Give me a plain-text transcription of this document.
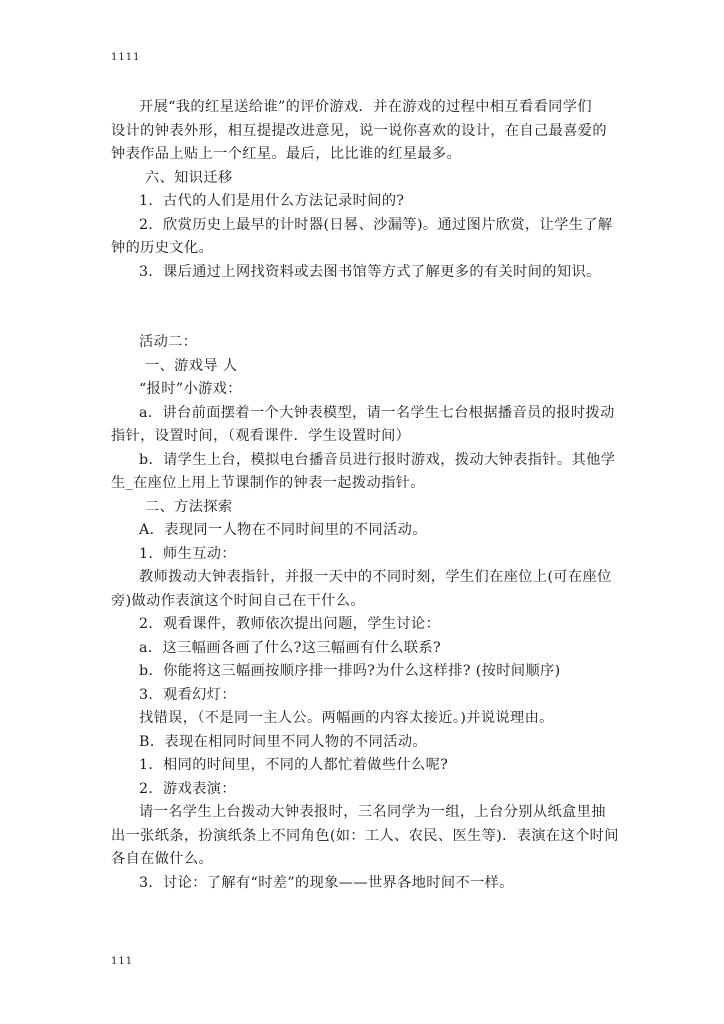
1111
开展“我的红星送给谁”的评价游戏．并在游戏的过程中相互看看同学们
设计的钟表外形，相互提提改进意见，说一说你喜欢的设计，在自己最喜爱的
钟表作品上贴上一个红星。最后，比比谁的红星最多。
六、知识迁移
1．古代的人们是用什么方法记录时间的?
2．欣赏历史上最早的计时器(日晷、沙漏等)。通过图片欣赏，让学生了解
钟的历史文化。
3．课后通过上网找资料或去图书馆等方式了解更多的有关时间的知识。
活动二：
一、游戏导 人
“报时”小游戏：
a．讲台前面摆着一个大钟表模型，请一名学生七台根据播音员的报时拨动
指针，设置时间，（观看课件．学生设置时间）
b．请学生上台，模拟电台播音员进行报时游戏，拨动大钟表指针。其他学
生_在座位上用上节课制作的钟表一起拨动指针。
二、方法探索
A．表现同一人物在不同时间里的不同活动。
1．师生互动：
教师拨动大钟表指针，并报一天中的不同时刻，学生们在座位上(可在座位
旁)做动作表演这个时间自己在干什么。
2．观看课件，教师依次提出问题，学生讨论：
a．这三幅画各画了什么?这三幅画有什么联系?
b．你能将这三幅画按顺序排一排吗?为什么这样排? (按时间顺序)
3．观看幻灯：
找错误，（不是同一主人公。两幅画的内容太接近。)并说说理由。
B．表现在相同时间里不同人物的不同活动。
1．相同的时间里，不同的人都忙着做些什么呢?
2．游戏表演：
请一名学生上台拨动大钟表报时，三名同学为一组，上台分别从纸盒里抽
出一张纸条，扮演纸条上不同角色(如：工人、农民、医生等)．表演在这个时间
各自在做什么。
3．讨论：了解有“时差”的现象——世界各地时间不一样。
111
